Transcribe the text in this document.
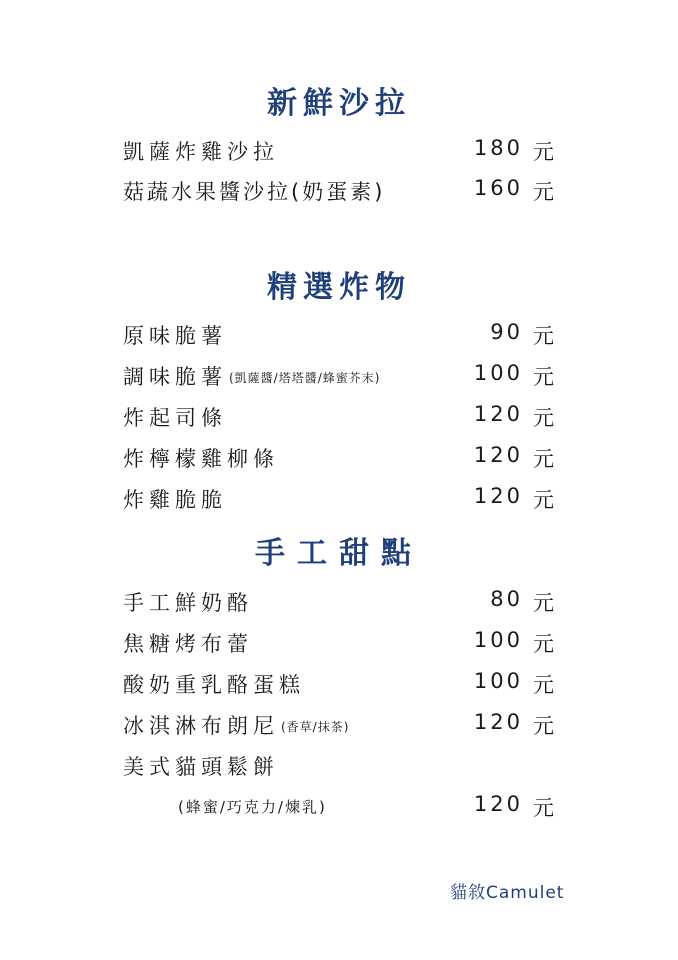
新鮮沙拉
凱薩炸雞沙拉	180 元
菇蔬水果醬沙拉(奶蛋素)	160 元
精選炸物
原味脆薯	90 元
調味脆薯 (凱薩醬/塔塔醬/蜂蜜芥末)	100 元
炸起司條	120 元
炸檸檬雞柳條	120 元
炸雞脆脆	120 元
手工甜點
手工鮮奶酪	80 元
焦糖烤布蕾	100 元
酸奶重乳酪蛋糕	100 元
冰淇淋布朗尼 (香草/抹茶)	120 元
美式貓頭鬆餅
(蜂蜜/巧克力/煉乳)	120 元
貓敘Camulet
